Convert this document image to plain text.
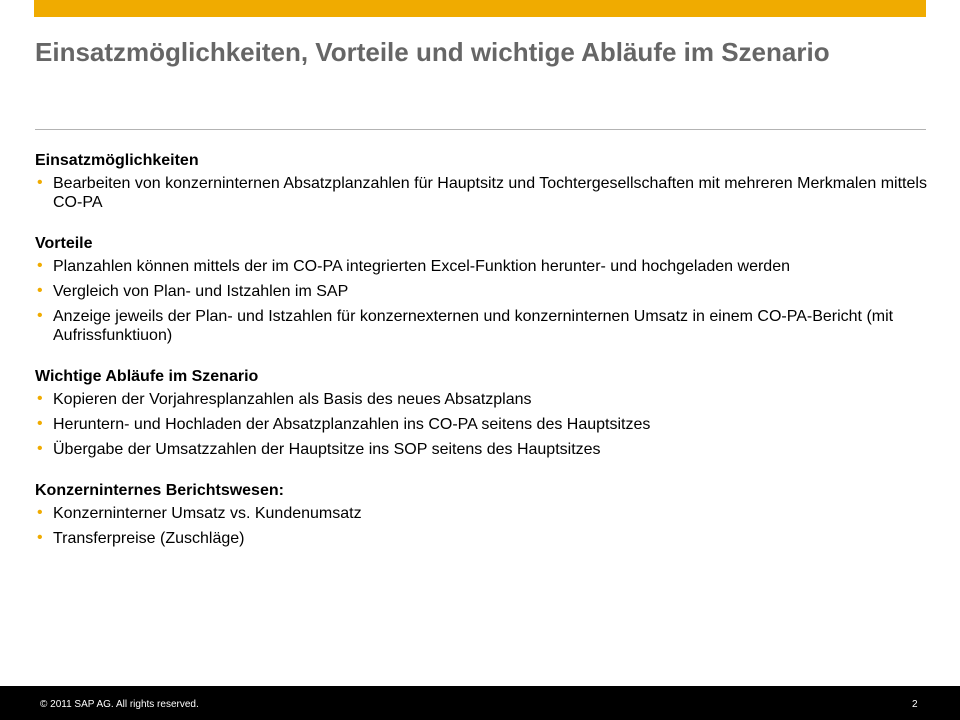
Einsatzmöglichkeiten, Vorteile und wichtige Abläufe im Szenario
Einsatzmöglichkeiten
• Bearbeiten von konzerninternen Absatzplanzahlen für Hauptsitz und Tochtergesellschaften mit mehreren Merkmalen mittels CO-PA
Vorteile
• Planzahlen können mittels der im CO-PA integrierten Excel-Funktion herunter- und hochgeladen werden
• Vergleich von Plan- und Istzahlen im SAP
• Anzeige jeweils der Plan- und Istzahlen für konzernexternen und konzerninternen Umsatz in einem CO-PA-Bericht (mit Aufrissfunktiuon)
Wichtige Abläufe im Szenario
• Kopieren der Vorjahresplanzahlen als Basis des neues Absatzplans
• Heruntern- und Hochladen der Absatzplanzahlen ins CO-PA seitens des Hauptsitzes
• Übergabe der Umsatzzahlen der Hauptsitze ins SOP seitens des Hauptsitzes
Konzerninternes Berichtswesen:
• Konzerninterner Umsatz vs. Kundenumsatz
• Transferpreise (Zuschläge)
© 2011 SAP AG. All rights reserved.	2
